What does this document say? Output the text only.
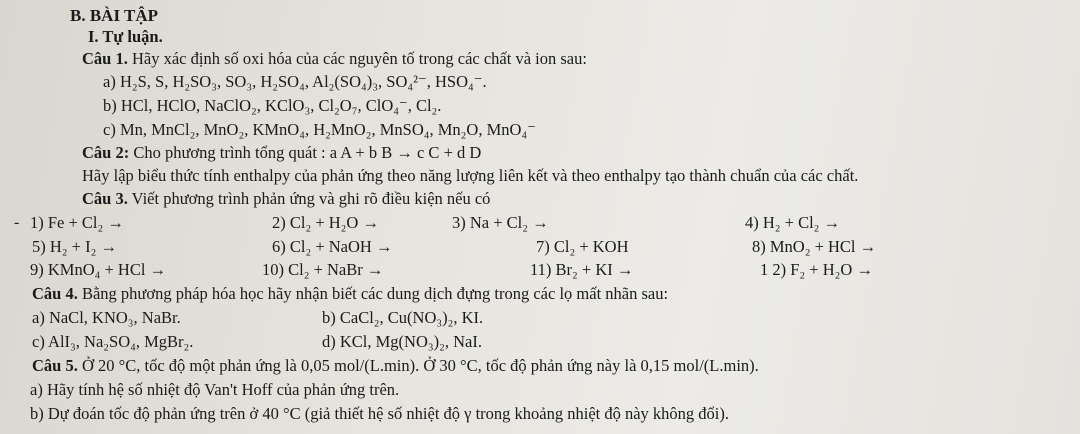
B. BÀI TẬP
I. Tự luận.
Câu 1. Hãy xác định số oxi hóa của các nguyên tố trong các chất và ion sau:
a) H₂S, S, H₂SO₃, SO₃, H₂SO₄, Al₂(SO₄)₃, SO₄²⁻, HSO₄⁻.
b) HCl, HClO, NaClO₂, KClO₃, Cl₂O₇, ClO₄⁻, Cl₂.
c) Mn, MnCl₂, MnO₂, KMnO₄, H₂MnO₂, MnSO₄, Mn₂O, MnO₄⁻
Câu 2: Cho phương trình tổng quát : a A + b B → c C + d D
Hãy lập biểu thức tính enthalpy của phản ứng theo năng lượng liên kết và theo enthalpy tạo thành chuẩn của các chất.
Câu 3. Viết phương trình phản ứng và ghi rõ điều kiện nếu có
- 1) Fe + Cl₂ →	2) Cl₂ + H₂O →	3) Na + Cl₂ →	4) H₂ + Cl₂ →
5) H₂ + I₂ →	6) Cl₂ + NaOH →	7) Cl₂ + KOH	8) MnO₂ + HCl →
9) KMnO₄ + HCl →	10) Cl₂ + NaBr →	11) Br₂ + KI →	1 2) F₂ + H₂O →
Câu 4. Bằng phương pháp hóa học hãy nhận biết các dung dịch đựng trong các lọ mất nhãn sau:
a) NaCl, KNO₃, NaBr.	b) CaCl₂, Cu(NO₃)₂, KI.
c) AlI₃, Na₂SO₄, MgBr₂.	d) KCl, Mg(NO₃)₂, NaI.
Câu 5. Ở 20 °C, tốc độ một phản ứng là 0,05 mol/(L.min). Ở 30 °C, tốc độ phản ứng này là 0,15 mol/(L.min).
a) Hãy tính hệ số nhiệt độ Van't Hoff của phản ứng trên.
b) Dự đoán tốc độ phản ứng trên ở 40 °C (giả thiết hệ số nhiệt độ γ trong khoảng nhiệt độ này không đổi).
